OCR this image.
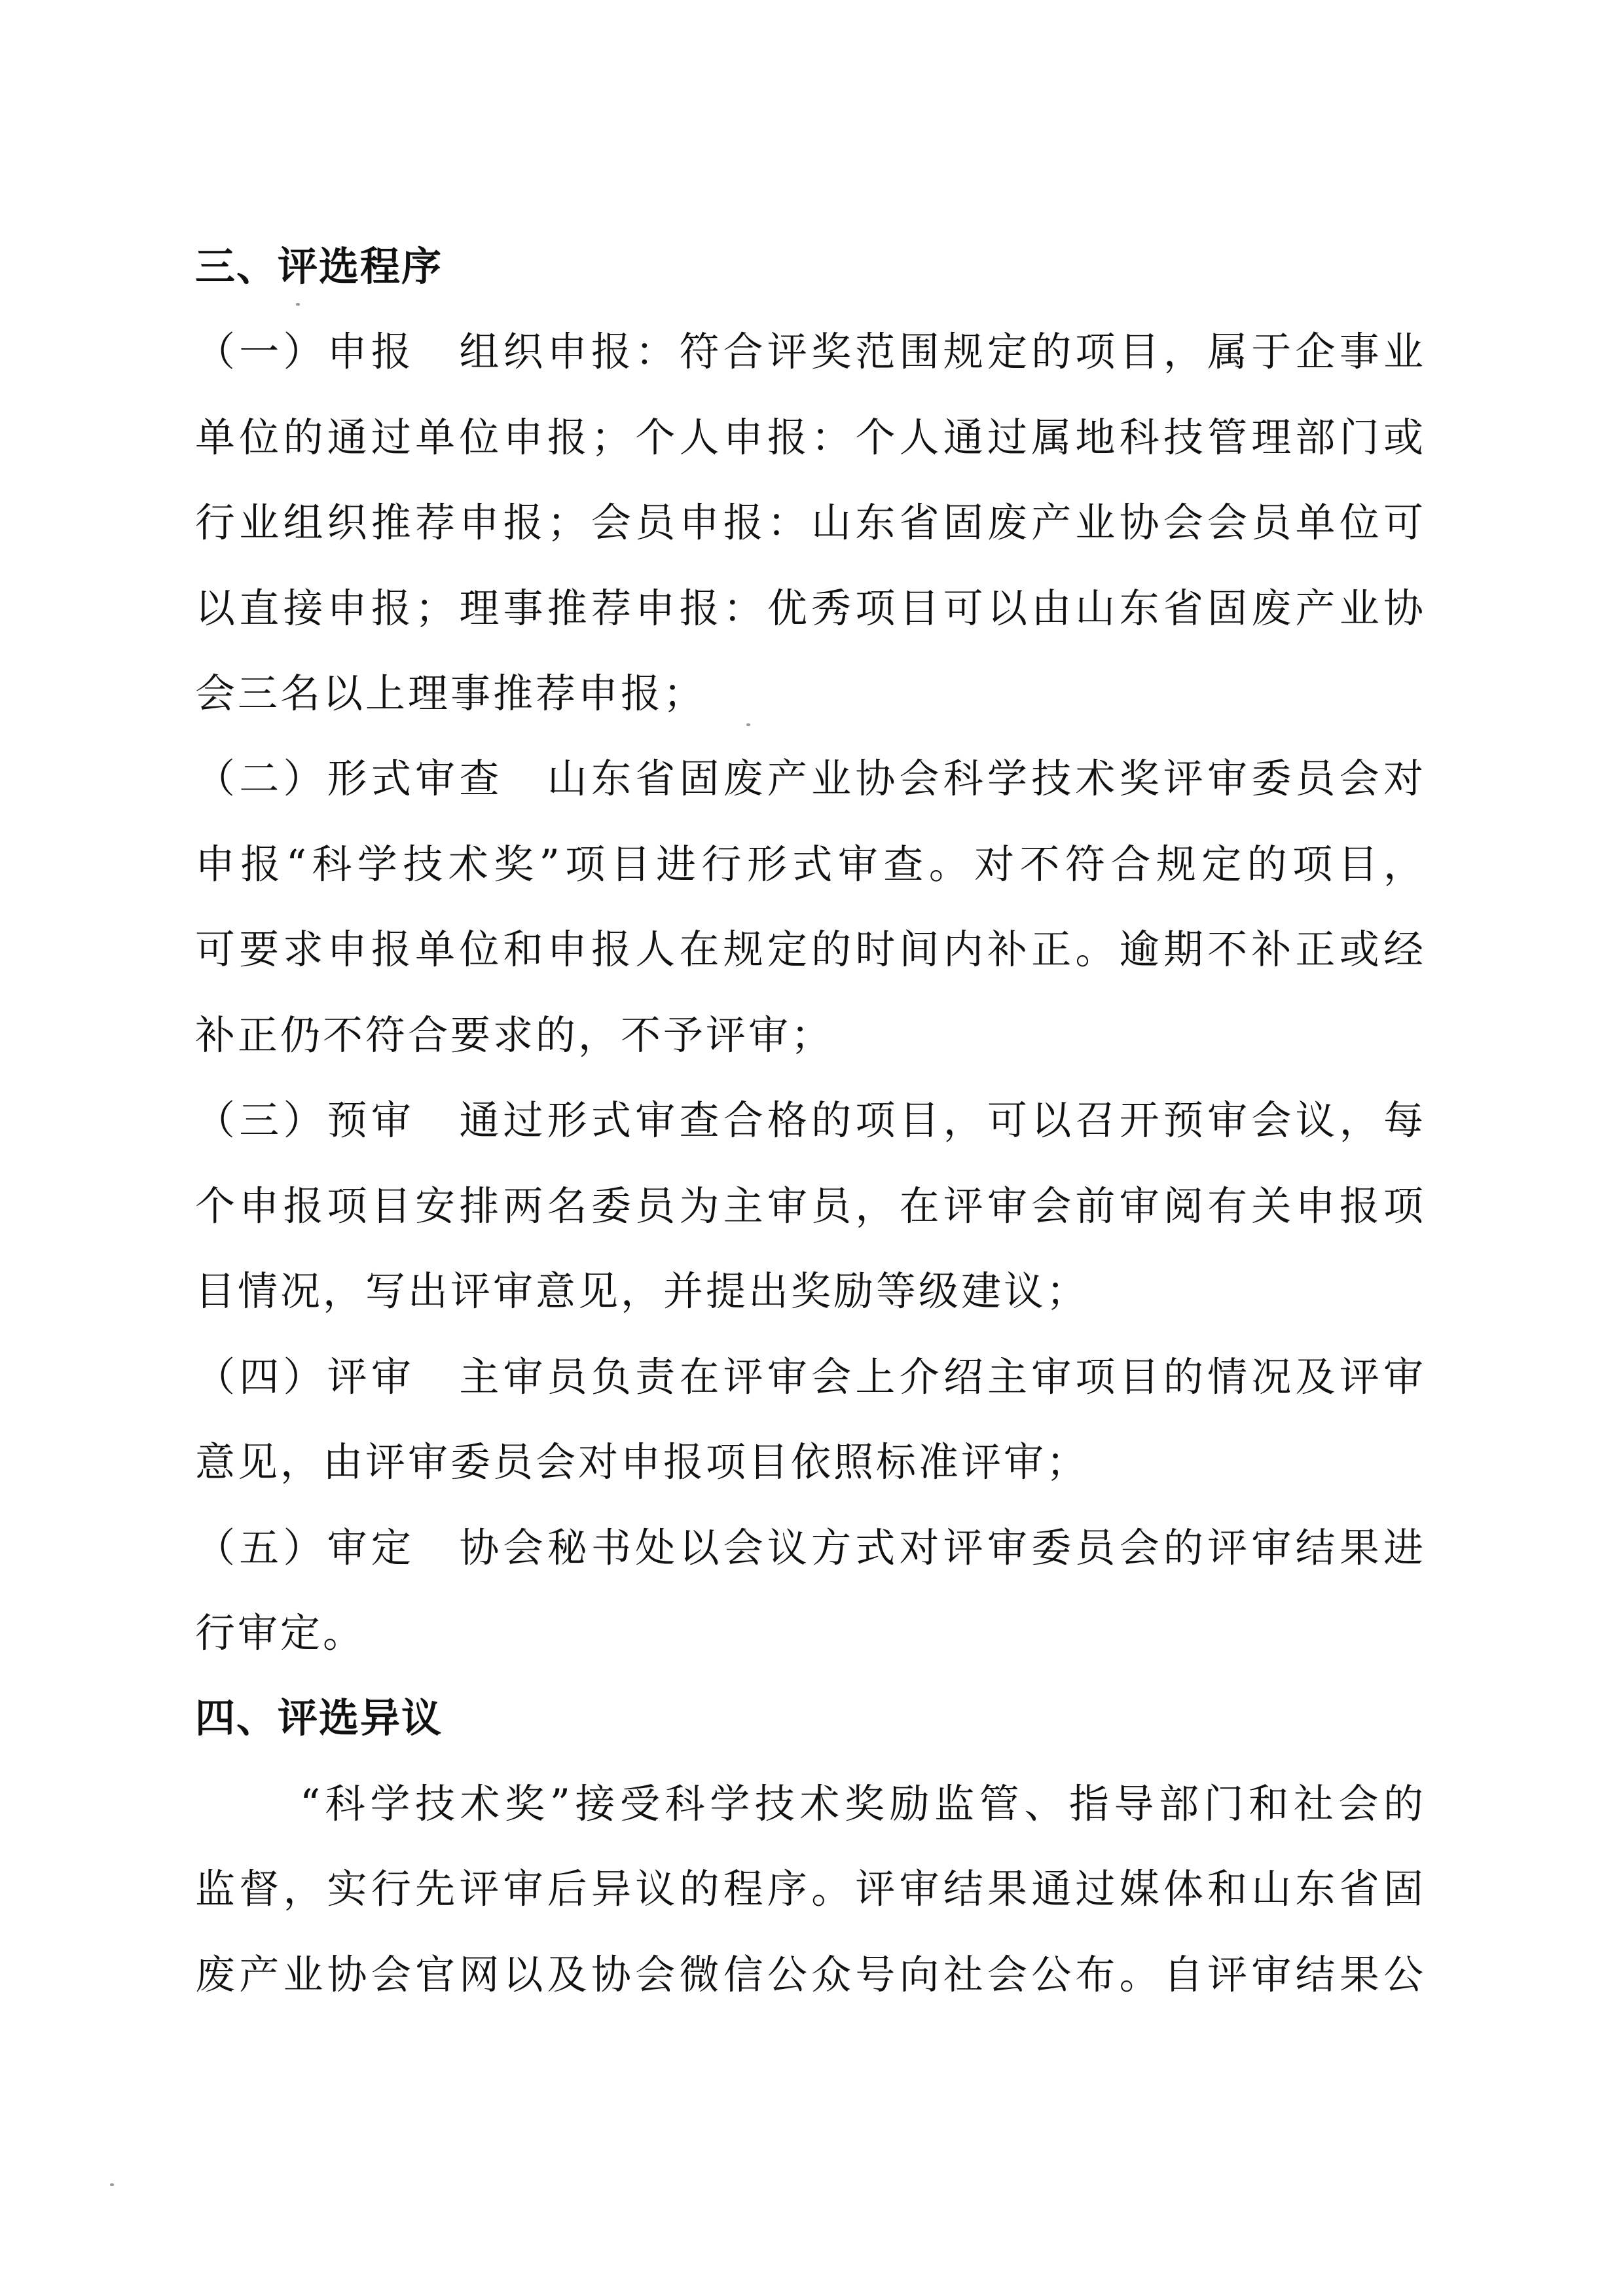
三、评选程序
（一）申报　组织申报：符合评奖范围规定的项目，属于企事业
单位的通过单位申报；个人申报：个人通过属地科技管理部门或
行业组织推荐申报；会员申报：山东省固废产业协会会员单位可
以直接申报；理事推荐申报：优秀项目可以由山东省固废产业协
会三名以上理事推荐申报；
（二）形式审查　山东省固废产业协会科学技术奖评审委员会对
申报“科学技术奖”项目进行形式审查。对不符合规定的项目，
可要求申报单位和申报人在规定的时间内补正。逾期不补正或经
补正仍不符合要求的，不予评审；
（三）预审　通过形式审查合格的项目，可以召开预审会议，每
个申报项目安排两名委员为主审员，在评审会前审阅有关申报项
目情况，写出评审意见，并提出奖励等级建议；
（四）评审　主审员负责在评审会上介绍主审项目的情况及评审
意见，由评审委员会对申报项目依照标准评审；
（五）审定　协会秘书处以会议方式对评审委员会的评审结果进
行审定。
四、评选异议
“科学技术奖”接受科学技术奖励监管、指导部门和社会的
监督，实行先评审后异议的程序。评审结果通过媒体和山东省固
废产业协会官网以及协会微信公众号向社会公布。自评审结果公
